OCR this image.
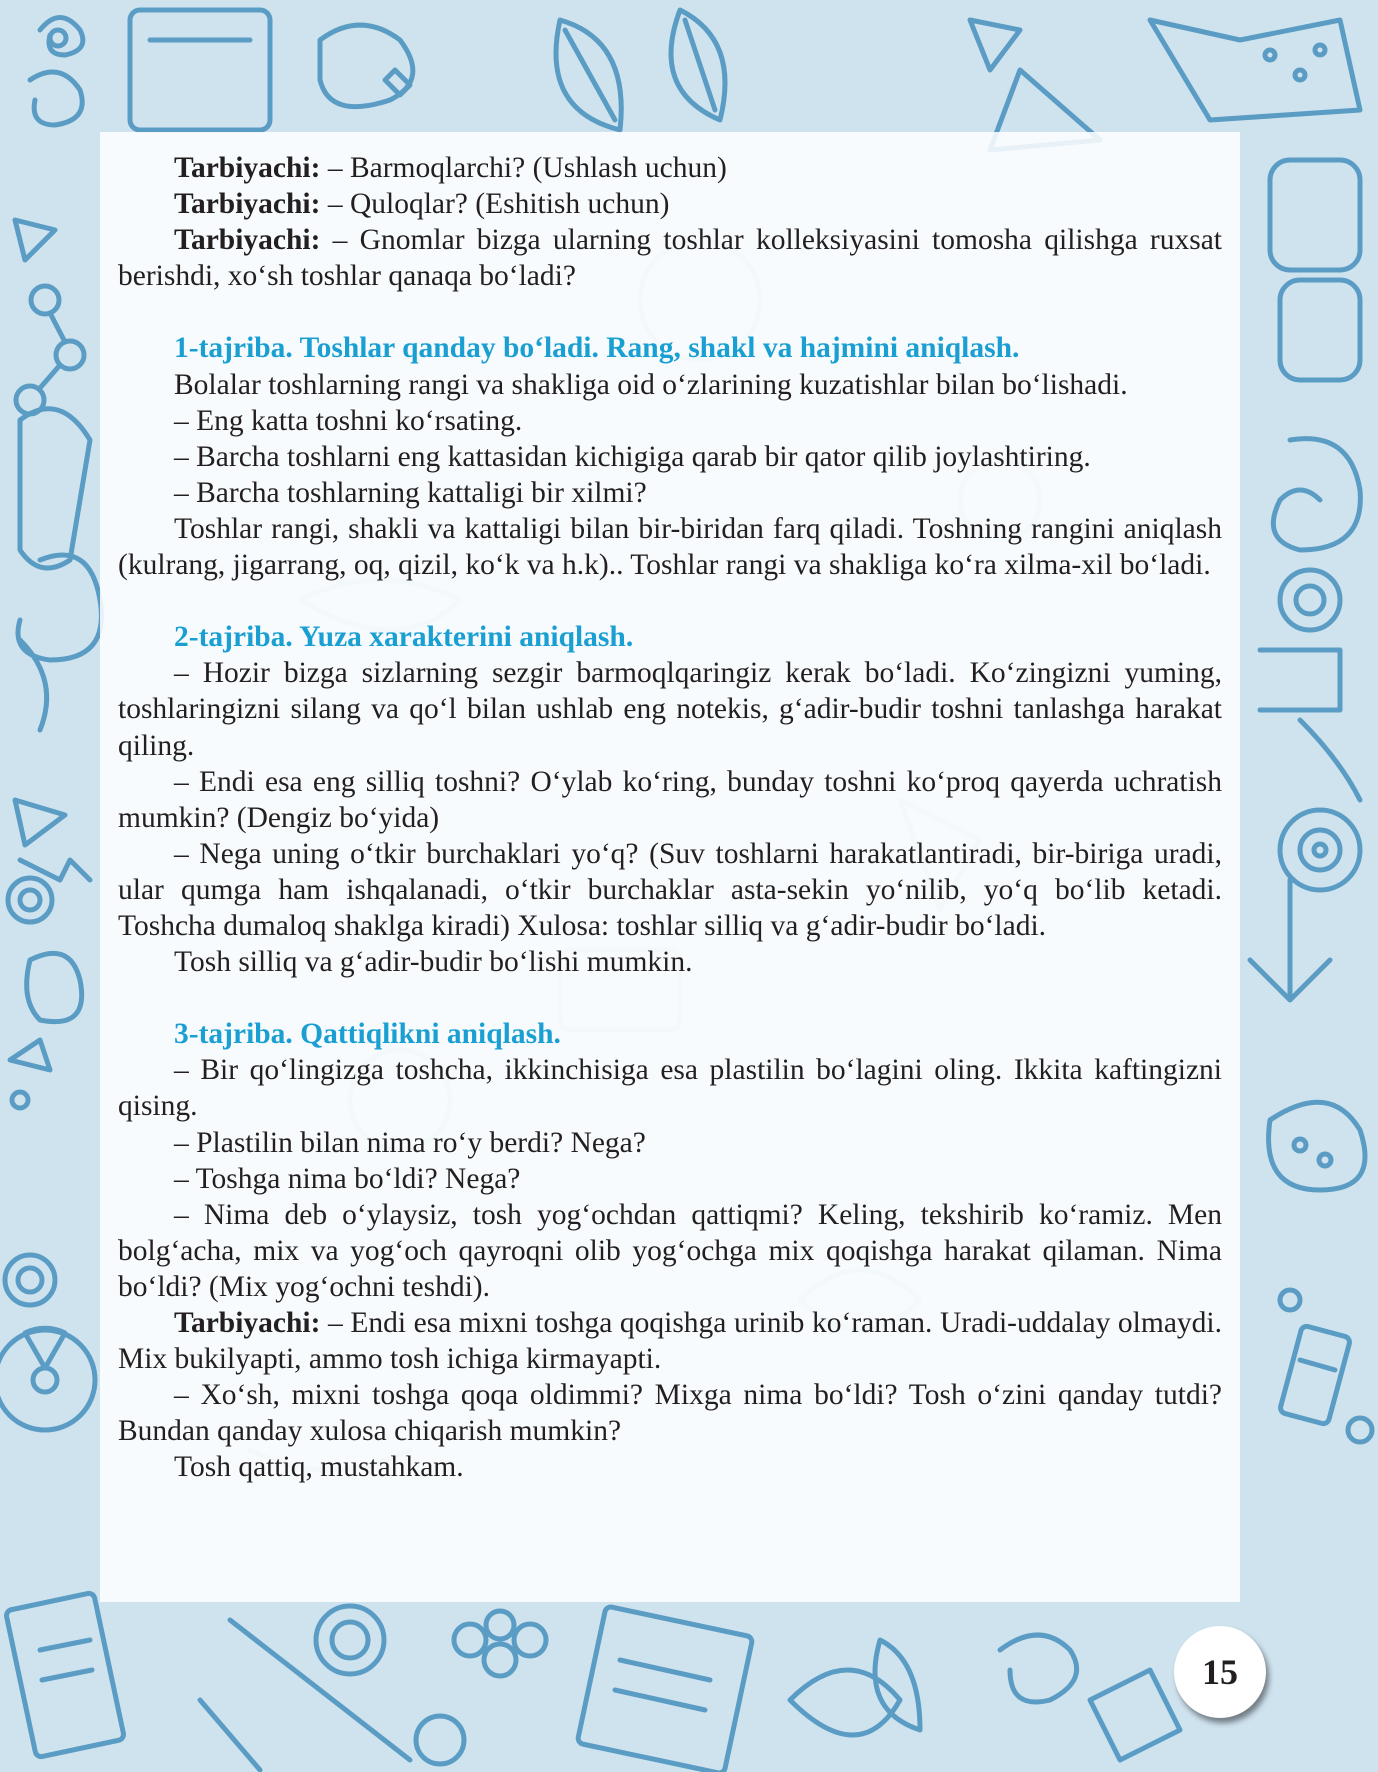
Tarbiyachi: – Barmoqlarchi? (Ushlash uchun)

Tarbiyachi: – Quloqlar? (Eshitish uchun)

Tarbiyachi: – Gnomlar bizga ularning toshlar kolleksiyasini tomosha qilishga ruxsat berishdi, xo‘sh toshlar qanaqa bo‘ladi?

1-tajriba. Toshlar qanday bo‘ladi. Rang, shakl va hajmini aniqlash.

Bolalar toshlarning rangi va shakliga oid o‘zlarining kuzatishlar bilan bo‘lishadi.

– Eng katta toshni ko‘rsating.

– Barcha toshlarni eng kattasidan kichigiga qarab bir qator qilib joylashtiring.

– Barcha toshlarning kattaligi bir xilmi?

Toshlar rangi, shakli va kattaligi bilan bir-biridan farq qiladi. Toshning rangini aniqlash (kulrang, jigarrang, oq, qizil, ko‘k va h.k).. Toshlar rangi va shakliga ko‘ra xilma-xil bo‘ladi.

2-tajriba. Yuza xarakterini aniqlash.

– Hozir bizga sizlarning sezgir barmoqlqaringiz kerak bo‘ladi. Ko‘zingizni yuming, toshlaringizni silang va qo‘l bilan ushlab eng notekis, g‘adir-budir toshni tanlashga harakat qiling.

– Endi esa eng silliq toshni? O‘ylab ko‘ring, bunday toshni ko‘proq qayerda uchratish mumkin? (Dengiz bo‘yida)

– Nega uning o‘tkir burchaklari yo‘q? (Suv toshlarni harakatlantiradi, bir-biriga uradi, ular qumga ham ishqalanadi, o‘tkir burchaklar asta-sekin yo‘nilib, yo‘q bo‘lib ketadi. Toshcha dumaloq shaklga kiradi) Xulosa: toshlar silliq va g‘adir-budir bo‘ladi.

Tosh silliq va g‘adir-budir bo‘lishi mumkin.

3-tajriba. Qattiqlikni aniqlash.

– Bir qo‘lingizga toshcha, ikkinchisiga esa plastilin bo‘lagini oling. Ikkita kaftingizni qising.

– Plastilin bilan nima ro‘y berdi? Nega?

– Toshga nima bo‘ldi? Nega?

– Nima deb o‘ylaysiz, tosh yog‘ochdan qattiqmi? Keling, tekshirib ko‘ramiz. Men bolg‘acha, mix va yog‘och qayroqni olib yog‘ochga mix qoqishga harakat qilaman. Nima bo‘ldi? (Mix yog‘ochni teshdi).

Tarbiyachi: – Endi esa mixni toshga qoqishga urinib ko‘raman. Uradi-uddalay olmaydi. Mix bukilyapti, ammo tosh ichiga kirmayapti.

– Xo‘sh, mixni toshga qoqa oldimmi? Mixga nima bo‘ldi? Tosh o‘zini qanday tutdi? Bundan qanday xulosa chiqarish mumkin?

Tosh qattiq, mustahkam.

15
